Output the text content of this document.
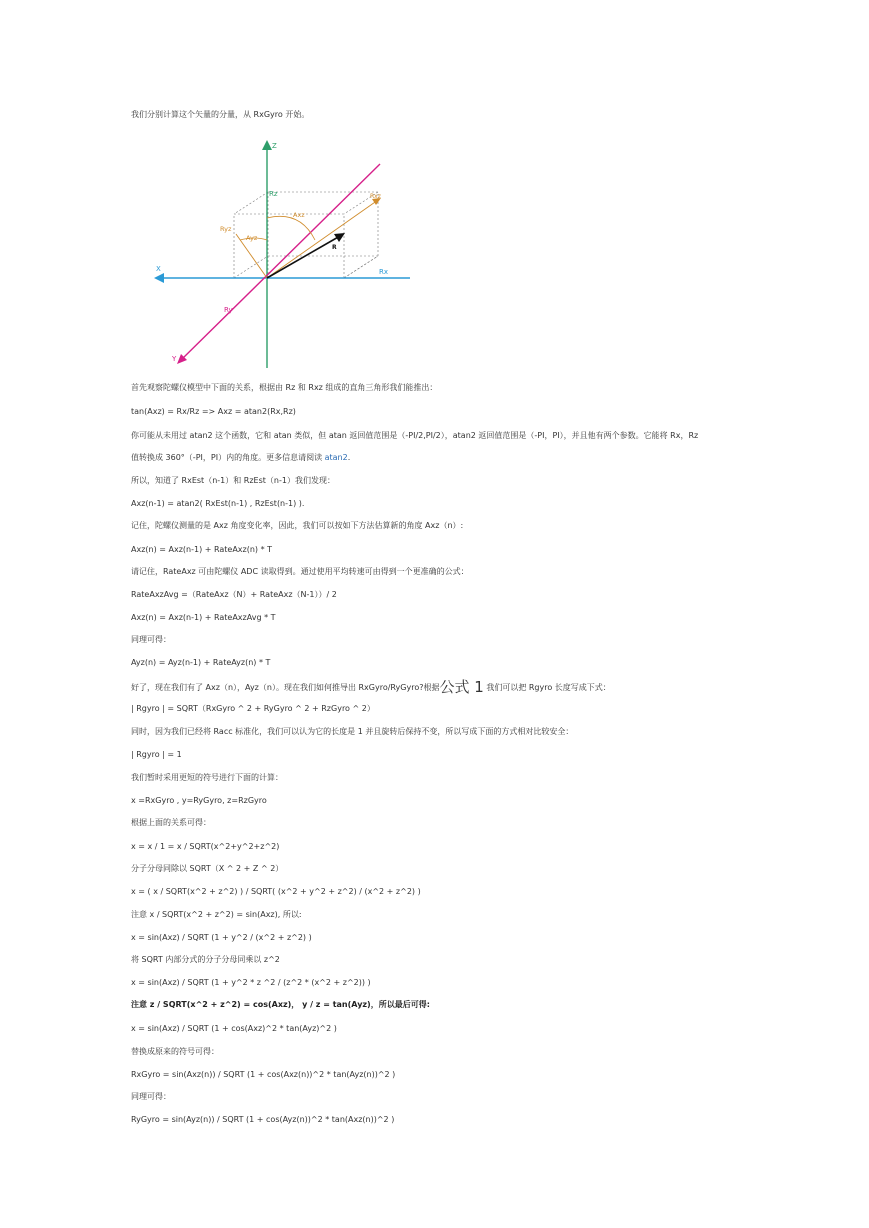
我们分别计算这个矢量的分量，从 RxGyro 开始。
Z
Rz
Rx
X
Ry
Y
Rxz
Ryz
Axz
Ayz
R
首先观察陀螺仪模型中下面的关系，根据由 Rz 和 Rxz 组成的直角三角形我们能推出：
tan(Axz) = Rx/Rz => Axz = atan2(Rx,Rz)
你可能从未用过 atan2 这个函数，它和 atan 类似，但 atan 返回值范围是（-PI/2,PI/2），atan2 返回值范围是（-PI，PI），并且他有两个参数。它能将 Rx，Rz
值转换成 360°（-PI，PI）内的角度。更多信息请阅读 atan2.
所以，知道了 RxEst（n-1）和 RzEst（n-1）我们发现：
Axz(n-1) = atan2( RxEst(n-1) , RzEst(n-1) ).
记住，陀螺仪测量的是 Axz 角度变化率，因此，我们可以按如下方法估算新的角度 Axz（n）:
Axz(n) = Axz(n-1) + RateAxz(n) * T
请记住，RateAxz 可由陀螺仪 ADC 读取得到。通过使用平均转速可由得到一个更准确的公式：
RateAxzAvg =（RateAxz（N）+ RateAxz（N-1））/ 2
Axz(n) = Axz(n-1) + RateAxzAvg * T
同理可得：
Ayz(n) = Ayz(n-1) + RateAyz(n) * T
好了，现在我们有了 Axz（n），Ayz（n）。现在我们如何推导出 RxGyro/RyGyro?根据公式 1 我们可以把 Rgyro 长度写成下式：
| Rgyro | = SQRT（RxGyro ^ 2 + RyGyro ^ 2 + RzGyro ^ 2）
同时，因为我们已经将 Racc 标准化，我们可以认为它的长度是 1 并且旋转后保持不变，所以写成下面的方式相对比较安全：
| Rgyro | = 1
我们暂时采用更短的符号进行下面的计算：
x =RxGyro , y=RyGyro, z=RzGyro
根据上面的关系可得：
x = x / 1 = x / SQRT(x^2+y^2+z^2)
分子分母同除以 SQRT（X ^ 2 + Z ^ 2）
x = ( x / SQRT(x^2 + z^2) ) / SQRT( (x^2 + y^2 + z^2) / (x^2 + z^2) )
注意 x / SQRT(x^2 + z^2) = sin(Axz), 所以:
x = sin(Axz) / SQRT (1 + y^2 / (x^2 + z^2) )
将 SQRT 内部分式的分子分母同乘以 z^2
x = sin(Axz) / SQRT (1 + y^2 * z ^2 / (z^2 * (x^2 + z^2)) )
注意 z / SQRT(x^2 + z^2) = cos(Axz)， y / z = tan(Ayz)，所以最后可得:
x = sin(Axz) / SQRT (1 + cos(Axz)^2 * tan(Ayz)^2 )
替换成原来的符号可得：
RxGyro = sin(Axz(n)) / SQRT (1 + cos(Axz(n))^2 * tan(Ayz(n))^2 )
同理可得：
RyGyro = sin(Ayz(n)) / SQRT (1 + cos(Ayz(n))^2 * tan(Axz(n))^2 )
